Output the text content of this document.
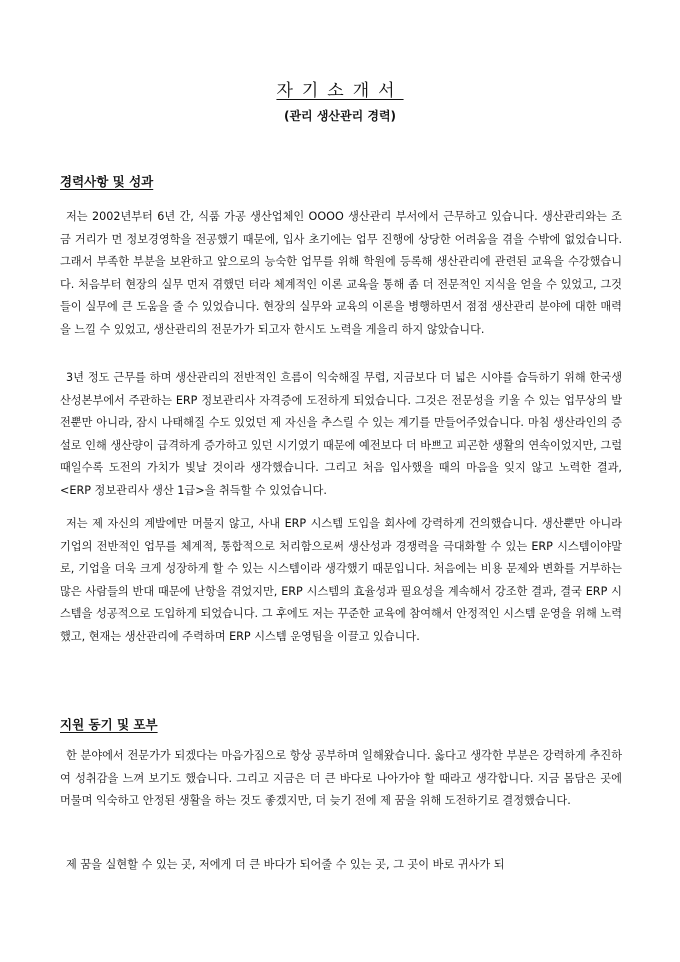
자기소개서

(관리 생산관리 경력)

경력사항 및 성과

저는 2002년부터 6년 간, 식품 가공 생산업체인 OOOO 생산관리 부서에서 근무하고 있습니다. 생산관리와는 조금 거리가 먼 정보경영학을 전공했기 때문에, 입사 초기에는 업무 진행에 상당한 어려움을 겪을 수밖에 없었습니다. 그래서 부족한 부분을 보완하고 앞으로의 능숙한 업무를 위해 학원에 등록해 생산관리에 관련된 교육을 수강했습니다. 처음부터 현장의 실무 먼저 겪했던 터라 체계적인 이론 교육을 통해 좀 더 전문적인 지식을 얻을 수 있었고, 그것들이 실무에 큰 도움을 줄 수 있었습니다. 현장의 실무와 교육의 이론을 병행하면서 점점 생산관리 분야에 대한 매력을 느낄 수 있었고, 생산관리의 전문가가 되고자 한시도 노력을 게을리 하지 않았습니다.

3년 정도 근무를 하며 생산관리의 전반적인 흐름이 익숙해질 무렵, 지금보다 더 넓은 시야를 습득하기 위해 한국생산성본부에서 주관하는 ERP 정보관리사 자격증에 도전하게 되었습니다. 그것은 전문성을 키울 수 있는 업무상의 발전뿐만 아니라, 잠시 나태해질 수도 있었던 제 자신을 추스릴 수 있는 계기를 만들어주었습니다. 마침 생산라인의 증설로 인해 생산량이 급격하게 증가하고 있던 시기였기 때문에 예전보다 더 바쁘고 피곤한 생활의 연속이었지만, 그럴 때일수록 도전의 가치가 빛날 것이라 생각했습니다. 그리고 처음 입사했을 때의 마음을 잊지 않고 노력한 결과, <ERP 정보관리사 생산 1급>을 취득할 수 있었습니다.

저는 제 자신의 계발에만 머물지 않고, 사내 ERP 시스템 도입을 회사에 강력하게 건의했습니다. 생산뿐만 아니라 기업의 전반적인 업무를 체계적, 통합적으로 처리함으로써 생산성과 경쟁력을 극대화할 수 있는 ERP 시스템이야말로, 기업을 더욱 크게 성장하게 할 수 있는 시스템이라 생각했기 때문입니다. 처음에는 비용 문제와 변화를 거부하는 많은 사람들의 반대 때문에 난항을 겪었지만, ERP 시스템의 효율성과 필요성을 계속해서 강조한 결과, 결국 ERP 시스템을 성공적으로 도입하게 되었습니다. 그 후에도 저는 꾸준한 교육에 참여해서 안정적인 시스템 운영을 위해 노력했고, 현재는 생산관리에 주력하며 ERP 시스템 운영팀을 이끌고 있습니다.

지원 동기 및 포부

한 분야에서 전문가가 되겠다는 마음가짐으로 항상 공부하며 일해왔습니다. 옳다고 생각한 부분은 강력하게 추진하여 성취감을 느껴 보기도 했습니다. 그리고 지금은 더 큰 바다로 나아가야 할 때라고 생각합니다. 지금 몸담은 곳에 머물며 익숙하고 안정된 생활을 하는 것도 좋겠지만, 더 늦기 전에 제 꿈을 위해 도전하기로 결정했습니다.

제 꿈을 실현할 수 있는 곳, 저에게 더 큰 바다가 되어줄 수 있는 곳, 그 곳이 바로 귀사가 되
